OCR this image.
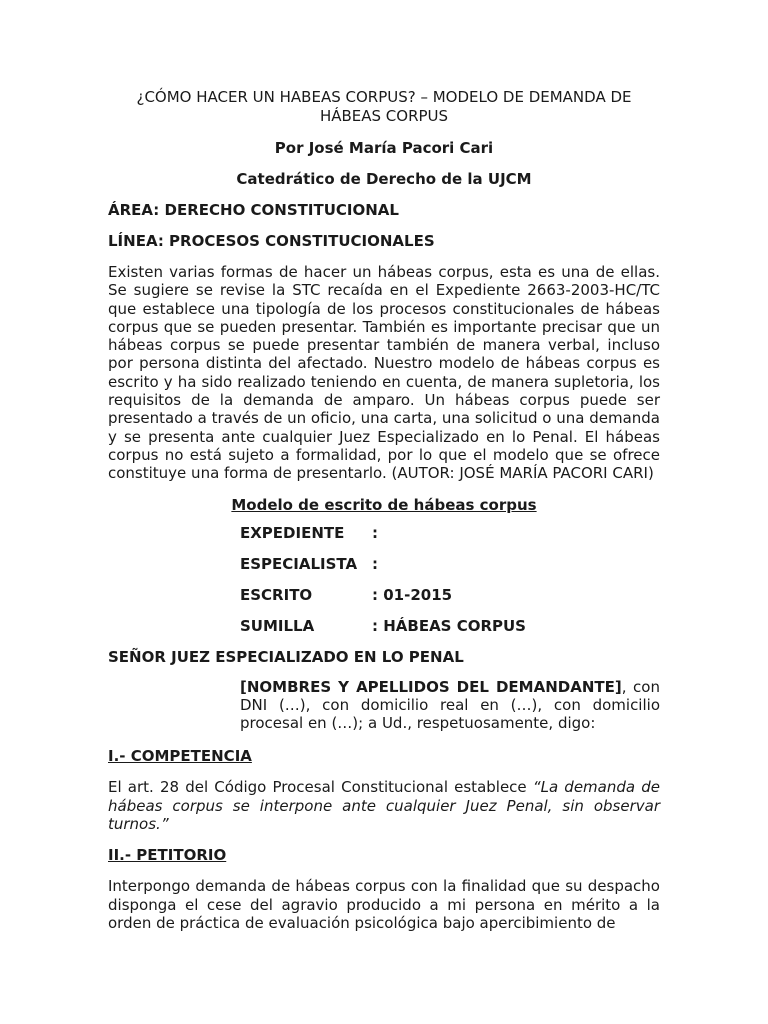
¿CÓMO HACER UN HABEAS CORPUS? – MODELO DE DEMANDA DE HÁBEAS CORPUS

Por José María Pacori Cari

Catedrático de Derecho de la UJCM

ÁREA: DERECHO CONSTITUCIONAL

LÍNEA: PROCESOS CONSTITUCIONALES

Existen varias formas de hacer un hábeas corpus, esta es una de ellas. Se sugiere se revise la STC recaída en el Expediente 2663-2003-HC/TC que establece una tipología de los procesos constitucionales de hábeas corpus que se pueden presentar. También es importante precisar que un hábeas corpus se puede presentar también de manera verbal, incluso por persona distinta del afectado. Nuestro modelo de hábeas corpus es escrito y ha sido realizado teniendo en cuenta, de manera supletoria, los requisitos de la demanda de amparo. Un hábeas corpus puede ser presentado a través de un oficio, una carta, una solicitud o una demanda y se presenta ante cualquier Juez Especializado en lo Penal. El hábeas corpus no está sujeto a formalidad, por lo que el modelo que se ofrece constituye una forma de presentarlo. (AUTOR: JOSÉ MARÍA PACORI CARI)

Modelo de escrito de hábeas corpus

EXPEDIENTE	:
ESPECIALISTA :
ESCRITO	: 01-2015
SUMILLA	: HÁBEAS CORPUS

SEÑOR JUEZ ESPECIALIZADO EN LO PENAL

[NOMBRES Y APELLIDOS DEL DEMANDANTE], con DNI (…), con domicilio real en (…), con domicilio procesal en (…); a Ud., respetuosamente, digo:

I.- COMPETENCIA

El art. 28 del Código Procesal Constitucional establece “La demanda de hábeas corpus se interpone ante cualquier Juez Penal, sin observar turnos.”

II.- PETITORIO

Interpongo demanda de hábeas corpus con la finalidad que su despacho disponga el cese del agravio producido a mi persona en mérito a la orden de práctica de evaluación psicológica bajo apercibimiento de
